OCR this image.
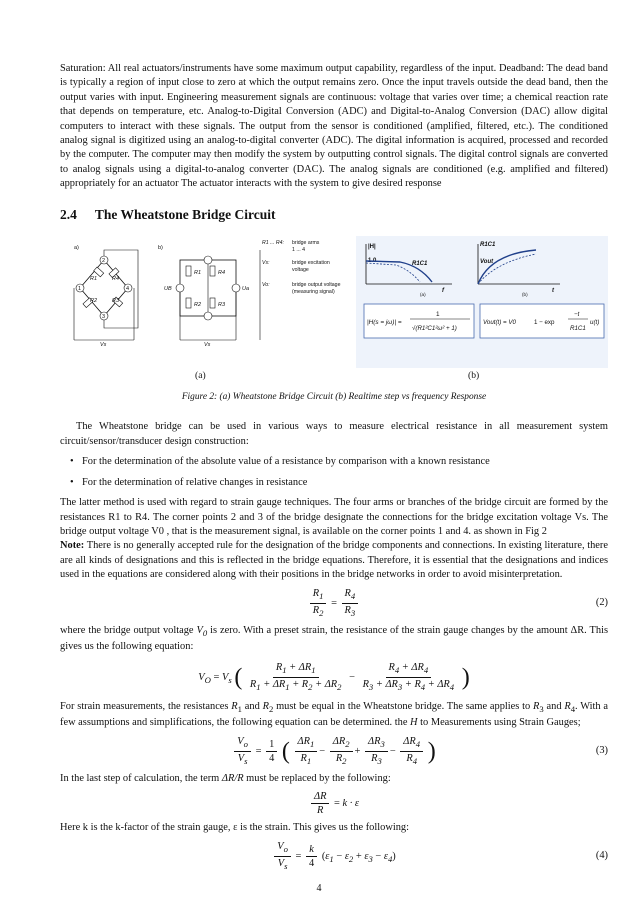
Saturation: All real actuators/instruments have some maximum output capability, regardless of the input. Deadband: The dead band is typically a region of input close to zero at which the output remains zero. Once the input travels outside the dead band, then the output varies with input. Engineering measurement signals are continuous: voltage that varies over time; a chemical reaction rate that depends on temperature, etc. Analog-to-Digital Conversion (ADC) and Digital-to-Analog Conversion (DAC) allow digital computers to interact with these signals. The output from the sensor is conditioned (amplified, filtered, etc.). The conditioned analog signal is digitized using an analog-to-digital converter (ADC). The digital information is acquired, processed and recorded by the computer. The computer may then modify the system by outputting control signals. The digital control signals are converted to analog signals using a digital-to-analog converter (DAC). The analog signals are conditioned (e.g. amplified and filtered) appropriately for an actuator The actuator interacts with the system to give desired response

2.4 The Wheatstone Bridge Circuit
a)
2
1	4
3
R1	R4
R2	R3
Vs
b)
R1	R4
R2	R3
UB	Ua
Vs
R1 ... R4: bridge arms
1 ... 4
Vs:	bridge excitation
voltage
Vo:	bridge output voltage
(measuring signal)
|H|
1.0	R1C1
f
(a)
R1C1
Vout
t
(b)
|H(s = jω)| =
1
√(R1²C1²ω² + 1)
Vout(t) = V0	1 − exp
−t
R1C1
u(t)
(a)	(b)
Figure 2: (a) Wheatstone Bridge Circuit (b) Realtime step vs frequency Response

The Wheatstone bridge can be used in various ways to measure electrical resistance in all measurement system circuit/sensor/transducer design construction:

• For the determination of the absolute value of a resistance by comparison with a known resistance
• For the determination of relative changes in resistance

The latter method is used with regard to strain gauge techniques. The four arms or branches of the bridge circuit are formed by the resistances R1 to R4. The corner points 2 and 3 of the bridge designate the connections for the bridge excitation voltage Vs. The bridge output voltage V0 , that is the measurement signal, is available on the corner points 1 and 4. as shown in Fig 2

Note: There is no generally accepted rule for the designation of the bridge components and connections. In existing literature, there are all kinds of designations and this is reflected in the bridge equations. Therefore, it is essential that the designations and indices used in the equations are considered along with their positions in the bridge networks in order to avoid misinterpretation.

$\frac{R_1}{R_2} = \frac{R_4}{R_3}$	(2)

where the bridge output voltage $V_0$ is zero. With a preset strain, the resistance of the strain gauge changes by the amount ΔR. This gives us the following equation:

$V_O = V_s$ ( $\frac{R_1 + \Delta R_1}{R_1 + \Delta R_1 + R_2 + \Delta R_2} - \frac{R_4 + \Delta R_4}{R_3 + \Delta R_3 + R_4 + \Delta R_4}$ )

For strain measurements, the resistances $R_1$ and $R_2$ must be equal in the Wheatstone bridge. The same applies to $R_3$ and $R_4$. With a few assumptions and simplifications, the following equation can be determined. the H to Measurements using Strain Gauges;

$\frac{V_o}{V_s} = \frac{1}{4}$ ( $\frac{\Delta R_1}{R_1} - \frac{\Delta R_2}{R_2} + \frac{\Delta R_3}{R_3} - \frac{\Delta R_4}{R_4}$ )	(3)

In the last step of calculation, the term ΔR/R must be replaced by the following:

$\frac{\Delta R}{R} = k \cdot \varepsilon$

Here k is the k-factor of the strain gauge, ε is the strain. This gives us the following:

$\frac{V_o}{V_s} = \frac{k}{4} (\varepsilon_1 - \varepsilon_2 + \varepsilon_3 - \varepsilon_4)$	(4)
4
